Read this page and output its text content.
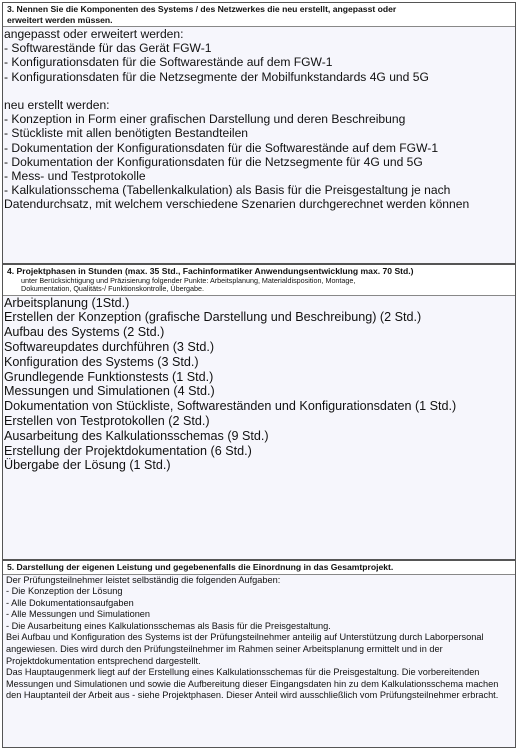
3. Nennen Sie die Komponenten des Systems / des Netzwerkes die neu erstellt, angepasst oder
erweitert werden müssen.
angepasst oder erweitert werden:
- Softwarestände für das Gerät FGW-1
- Konfigurationsdaten für die Softwarestände auf dem FGW-1
- Konfigurationsdaten für die Netzsegmente der Mobilfunkstandards 4G und 5G

neu erstellt werden:
- Konzeption in Form einer grafischen Darstellung und deren Beschreibung
- Stückliste mit allen benötigten Bestandteilen
- Dokumentation der Konfigurationsdaten für die Softwarestände auf dem FGW-1
- Dokumentation der Konfigurationsdaten für die Netzsegmente für 4G und 5G
- Mess- und Testprotokolle
- Kalkulationsschema (Tabellenkalkulation) als Basis für die Preisgestaltung je nach Datendurchsatz, mit welchem verschiedene Szenarien durchgerechnet werden können
4. Projektphasen in Stunden (max. 35 Std., Fachinformatiker Anwendungsentwicklung max. 70 Std.)
unter Berücksichtigung und Präzisierung folgender Punkte: Arbeitsplanung, Materialdisposition, Montage,
Dokumentation, Qualitäts-/ Funktionskontrolle, Übergabe.
Arbeitsplanung (1Std.)
Erstellen der Konzeption (grafische Darstellung und Beschreibung) (2 Std.)
Aufbau des Systems (2 Std.)
Softwareupdates durchführen (3 Std.)
Konfiguration des Systems (3 Std.)
Grundlegende Funktionstests (1 Std.)
Messungen und Simulationen (4 Std.)
Dokumentation von Stückliste, Softwareständen und Konfigurationsdaten (1 Std.)
Erstellen von Testprotokollen (2 Std.)
Ausarbeitung des Kalkulationsschemas (9 Std.)
Erstellung der Projektdokumentation (6 Std.)
Übergabe der Lösung (1 Std.)
5. Darstellung der eigenen Leistung und gegebenenfalls die Einordnung in das Gesamtprojekt.
Der Prüfungsteilnehmer leistet selbständig die folgenden Aufgaben:
- Die Konzeption der Lösung
- Alle Dokumentationsaufgaben
- Alle Messungen und Simulationen
- Die Ausarbeitung eines Kalkulationsschemas als Basis für die Preisgestaltung.
Bei Aufbau und Konfiguration des Systems ist der Prüfungsteilnehmer anteilig auf Unterstützung durch Laborpersonal angewiesen. Dies wird durch den Prüfungsteilnehmer im Rahmen seiner Arbeitsplanung ermittelt und in der Projektdokumentation entsprechend dargestellt.
Das Hauptaugenmerk liegt auf der Erstellung eines Kalkulationsschemas für die Preisgestaltung. Die vorbereitenden Messungen und Simulationen und sowie die Aufbereitung dieser Eingangsdaten hin zu dem Kalkulationsschema machen den Hauptanteil der Arbeit aus - siehe Projektphasen. Dieser Anteil wird ausschließlich vom Prüfungsteilnehmer erbracht.
